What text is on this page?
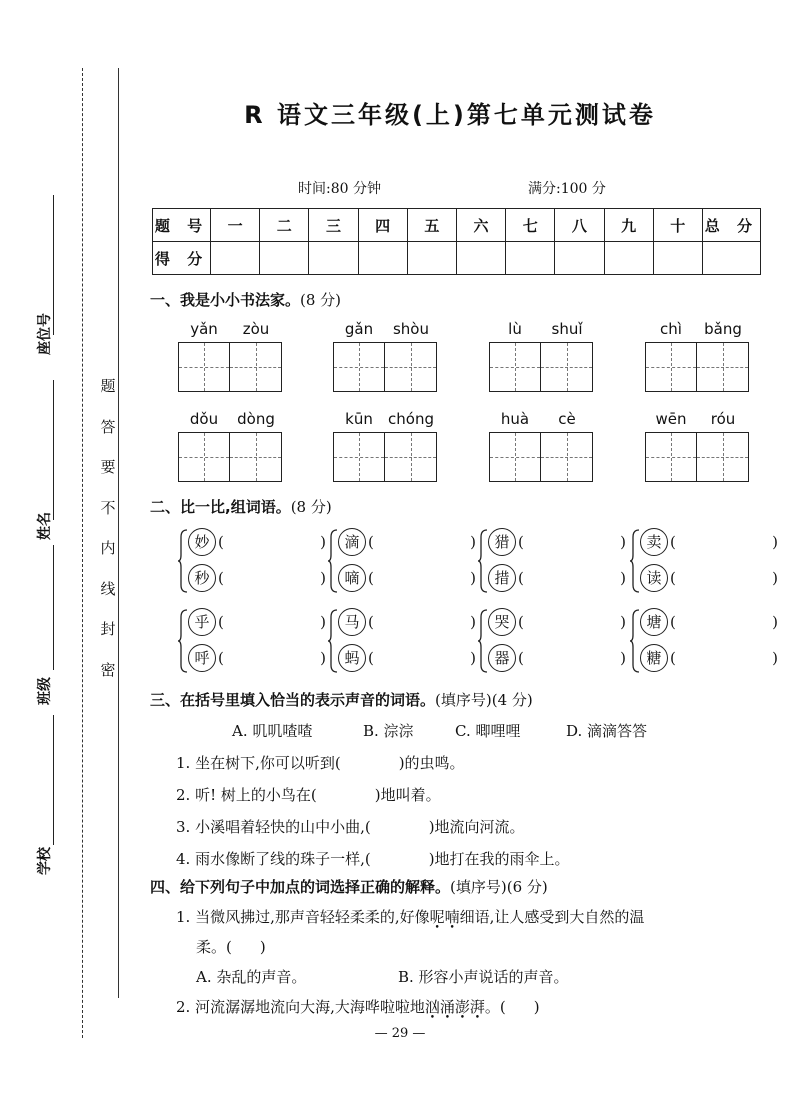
座位号
姓名
班级
学校
题
答
要
不
内
线
封
密
R 语文三年级(上)第七单元测试卷
时间:80 分钟	满分:100 分
题 号	一	二	三	四	五	六	七	八	九	十	总 分
得 分											
一、我是小小书法家。(8 分)
yǎn	zòu	gǎn	shòu	lù	shuǐ	chì	bǎng
dǒu	dòng	kūn	chóng	huà	cè	wēn	róu
二、比一比,组词语。(8 分)
妙 (	)
秒 (	)
滴 (	)
嘀 (	)
猎 (	)
措 (	)
卖 (	)
读 (	)
乎 (	)
呼 (	)
马 (	)
蚂 (	)
哭 (	)
器 (	)
塘 (	)
糖 (	)
三、在括号里填入恰当的表示声音的词语。(填序号)(4 分)
A. 叽叽喳喳	B. 淙淙	C. 唧哩哩	D. 滴滴答答
1. 坐在树下,你可以听到(	)的虫鸣。
2. 听! 树上的小鸟在(	)地叫着。
3. 小溪唱着轻快的山中小曲,(	)地流向河流。
4. 雨水像断了线的珠子一样,(	)地打在我的雨伞上。
四、给下列句子中加点的词选择正确的解释。(填序号)(6 分)
1. 当微风拂过,那声音轻轻柔柔的,好像呢喃细语,让人感受到大自然的温
柔。( )
A. 杂乱的声音。	B. 形容小声说话的声音。
2. 河流潺潺地流向大海,大海哗啦啦地汹涌澎湃。( )
— 29 —
